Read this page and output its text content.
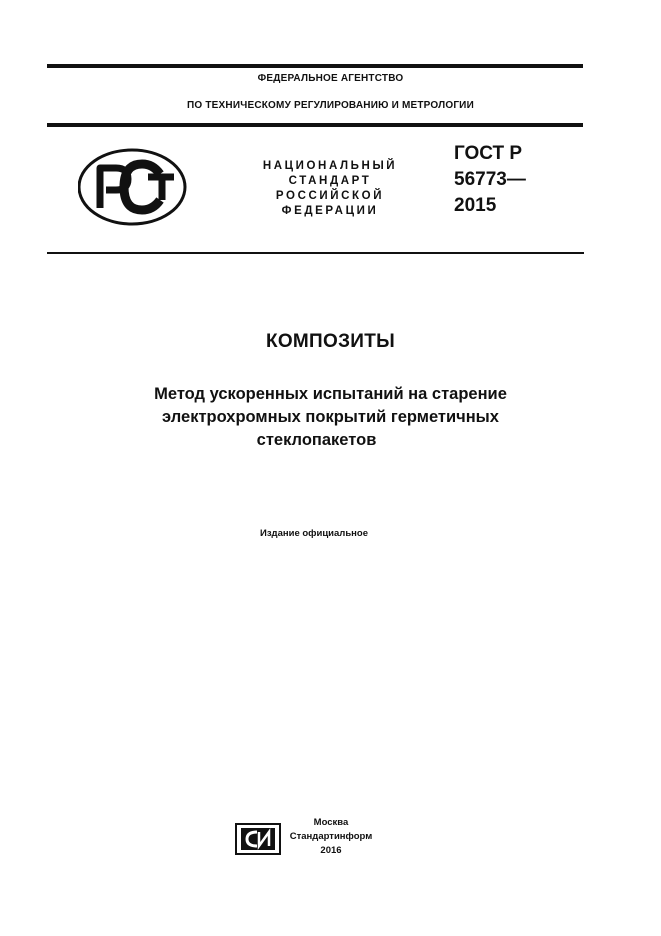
ФЕДЕРАЛЬНОЕ АГЕНТСТВО
ПО ТЕХНИЧЕСКОМУ РЕГУЛИРОВАНИЮ И МЕТРОЛОГИИ
НАЦИОНАЛЬНЫЙ
СТАНДАРТ
РОССИЙСКОЙ
ФЕДЕРАЦИИ
ГОСТ Р
56773—
2015
КОМПОЗИТЫ
Метод ускоренных испытаний на старение
электрохромных покрытий герметичных
стеклопакетов
Издание официальное
Москва
Стандартинформ
2016
